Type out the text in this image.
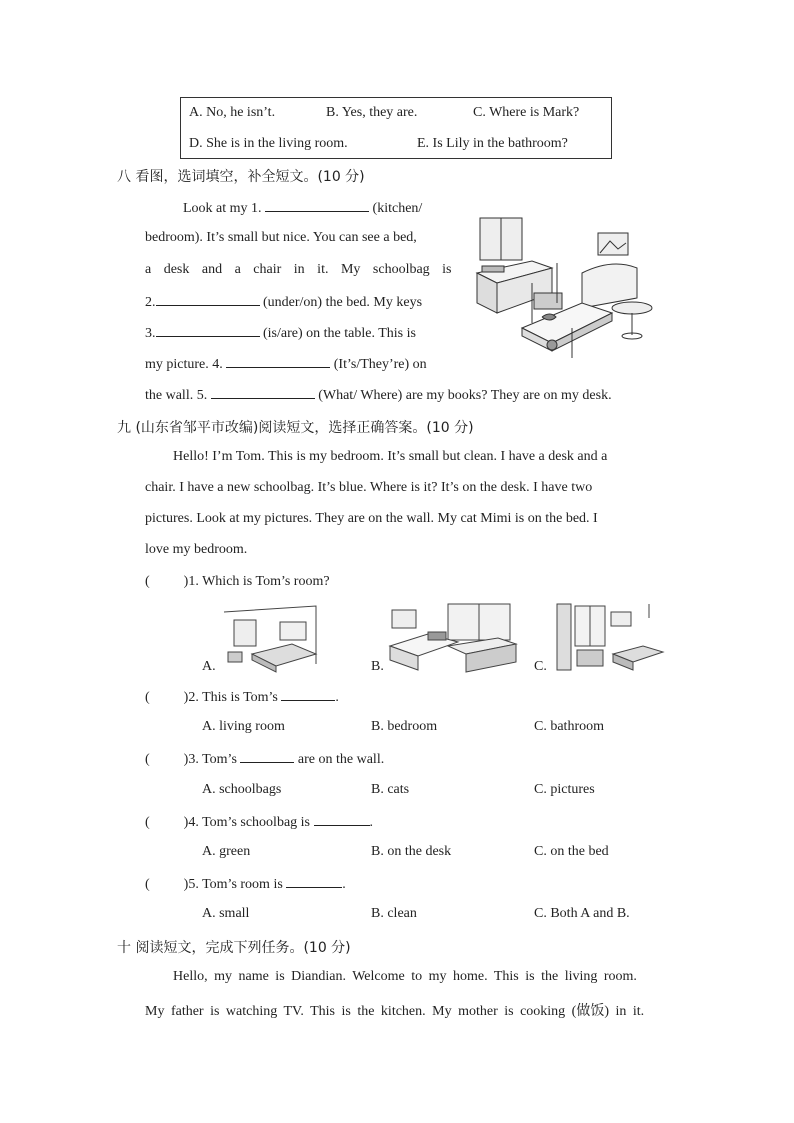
A. No, he isn’t.	B. Yes, they are.	C. Where is Mark?
D. She is in the living room.	E. Is Lily in the bathroom?
八 看图，选词填空，补全短文。(10 分)
Look at my 1.	(kitchen/
bedroom). It’s small but nice. You can see a bed,
a desk and a chair in it. My schoolbag is
2.	(under/on) the bed. My keys
3.	(is/are) on the table. This is
my picture. 4.	(It’s/They’re) on
the wall. 5.	(What/ Where) are my books? They are on my desk.
九 (山东省邹平市改编)阅读短文，选择正确答案。(10 分)
Hello! I’m Tom. This is my bedroom. It’s small but clean. I have a desk and a
chair. I have a new schoolbag. It’s blue. Where is it? It’s on the desk. I have two
pictures. Look at my pictures. They are on the wall. My cat Mimi is on the bed. I
love my bedroom.
( )1. Which is Tom’s room?
A.	B.	C.
( )2. This is Tom’s	.
A. living room	B. bedroom	C. bathroom
( )3. Tom’s	are on the wall.
A. schoolbags	B. cats	C. pictures
( )4. Tom’s schoolbag is	.
A. green	B. on the desk	C. on the bed
( )5. Tom’s room is	.
A. small	B. clean	C. Both A and B.
十 阅读短文，完成下列任务。(10 分)
Hello, my name is Diandian. Welcome to my home. This is the living room.
My father is watching TV. This is the kitchen. My mother is cooking (做饭) in it.
